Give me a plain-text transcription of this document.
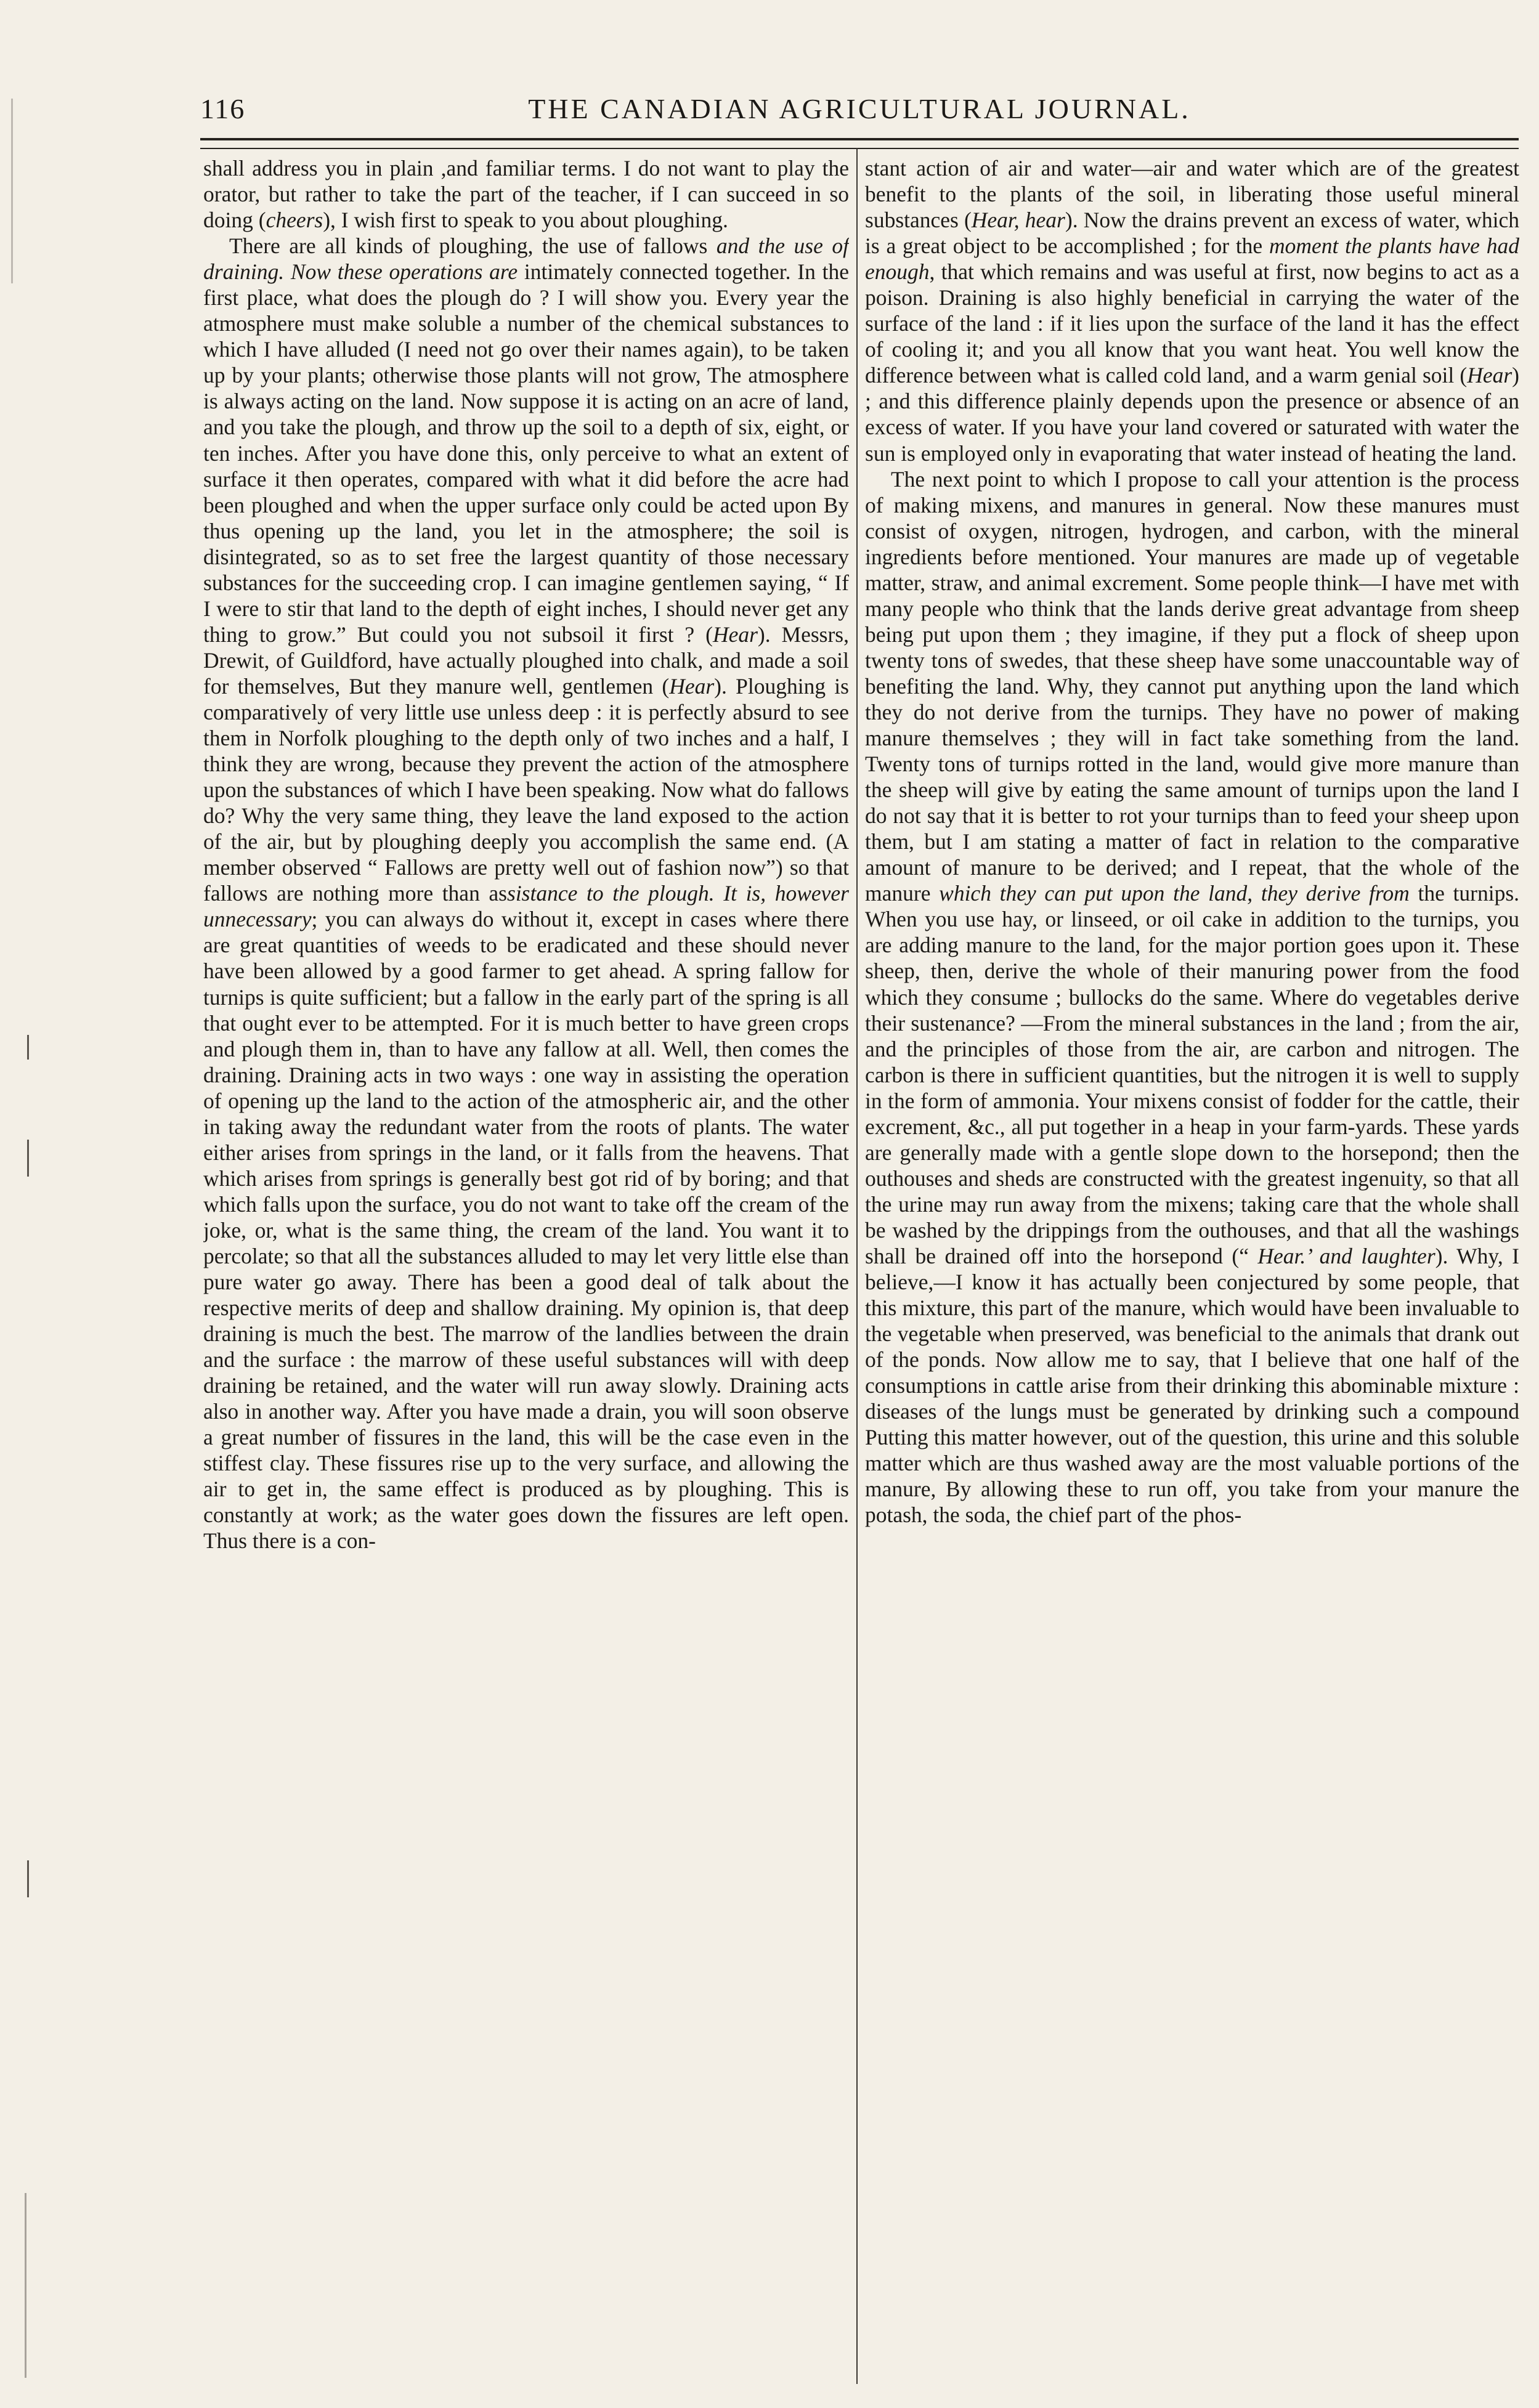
116	THE CANADIAN AGRICULTURAL JOURNAL.

shall address you in plain ,and familiar terms. I do not want to play the orator, but rather to take the part of the teacher, if I can succeed in so doing (cheers), I wish first to speak to you about ploughing.

There are all kinds of ploughing, the use of fallows and the use of draining. Now these operations are intimately connected together. In the first place, what does the plough do ? I will show you. Every year the atmosphere must make soluble a number of the chemical substances to which I have alluded (I need not go over their names again), to be taken up by your plants; otherwise those plants will not grow, The atmosphere is always acting on the land. Now suppose it is acting on an acre of land, and you take the plough, and throw up the soil to a depth of six, eight, or ten inches. After you have done this, only perceive to what an extent of surface it then operates, compared with what it did before the acre had been ploughed and when the upper surface only could be acted upon By thus opening up the land, you let in the atmosphere; the soil is disintegrated, so as to set free the largest quantity of those necessary substances for the succeeding crop. I can imagine gentlemen saying, “ If I were to stir that land to the depth of eight inches, I should never get any thing to grow.” But could you not subsoil it first ? (Hear). Messrs, Drewit, of Guildford, have actually ploughed into chalk, and made a soil for themselves, But they manure well, gentlemen (Hear). Ploughing is comparatively of very little use unless deep : it is perfectly absurd to see them in Norfolk ploughing to the depth only of two inches and a half, I think they are wrong, because they prevent the action of the atmosphere upon the substances of which I have been speaking. Now what do fallows do? Why the very same thing, they leave the land exposed to the action of the air, but by ploughing deeply you accomplish the same end. (A member observed “ Fallows are pretty well out of fashion now”) so that fallows are nothing more than assistance to the plough. It is, however unnecessary; you can always do without it, except in cases where there are great quantities of weeds to be eradicated and these should never have been allowed by a good farmer to get ahead. A spring fallow for turnips is quite sufficient; but a fallow in the early part of the spring is all that ought ever to be attempted. For it is much better to have green crops and plough them in, than to have any fallow at all. Well, then comes the draining. Draining acts in two ways : one way in assisting the operation of opening up the land to the action of the atmospheric air, and the other in taking away the redundant water from the roots of plants. The water either arises from springs in the land, or it falls from the heavens. That which arises from springs is generally best got rid of by boring; and that which falls upon the surface, you do not want to take off the cream of the joke, or, what is the same thing, the cream of the land. You want it to percolate; so that all the substances alluded to may let very little else than pure water go away. There has been a good deal of talk about the respective merits of deep and shallow draining. My opinion is, that deep draining is much the best. The marrow of the landlies between the drain and the surface : the marrow of these useful substances will with deep draining be retained, and the water will run away slowly. Draining acts also in another way. After you have made a drain, you will soon observe a great number of fissures in the land, this will be the case even in the stiffest clay. These fissures rise up to the very surface, and allowing the air to get in, the same effect is produced as by ploughing. This is constantly at work; as the water goes down the fissures are left open. Thus there is a con-

stant action of air and water—air and water which are of the greatest benefit to the plants of the soil, in liberating those useful mineral substances (Hear, hear). Now the drains prevent an excess of water, which is a great object to be accomplished ; for the moment the plants have had enough, that which remains and was useful at first, now begins to act as a poison. Draining is also highly beneficial in carrying the water of the surface of the land : if it lies upon the surface of the land it has the effect of cooling it; and you all know that you want heat. You well know the difference between what is called cold land, and a warm genial soil (Hear) ; and this difference plainly depends upon the presence or absence of an excess of water. If you have your land covered or saturated with water the sun is employed only in evaporating that water instead of heating the land.

The next point to which I propose to call your attention is the process of making mixens, and manures in general. Now these manures must consist of oxygen, nitrogen, hydrogen, and carbon, with the mineral ingredients before mentioned. Your manures are made up of vegetable matter, straw, and animal excrement. Some people think—I have met with many people who think that the lands derive great advantage from sheep being put upon them ; they imagine, if they put a flock of sheep upon twenty tons of swedes, that these sheep have some unaccountable way of benefiting the land. Why, they cannot put anything upon the land which they do not derive from the turnips. They have no power of making manure themselves ; they will in fact take something from the land. Twenty tons of turnips rotted in the land, would give more manure than the sheep will give by eating the same amount of turnips upon the land I do not say that it is better to rot your turnips than to feed your sheep upon them, but I am stating a matter of fact in relation to the comparative amount of manure to be derived; and I repeat, that the whole of the manure which they can put upon the land, they derive from the turnips. When you use hay, or linseed, or oil cake in addition to the turnips, you are adding manure to the land, for the major portion goes upon it. These sheep, then, derive the whole of their manuring power from the food which they consume ; bullocks do the same. Where do vegetables derive their sustenance? —From the mineral substances in the land ; from the air, and the principles of those from the air, are carbon and nitrogen. The carbon is there in sufficient quantities, but the nitrogen it is well to supply in the form of ammonia. Your mixens consist of fodder for the cattle, their excrement, &c., all put together in a heap in your farm-yards. These yards are generally made with a gentle slope down to the horsepond; then the outhouses and sheds are constructed with the greatest ingenuity, so that all the urine may run away from the mixens; taking care that the whole shall be washed by the drippings from the outhouses, and that all the washings shall be drained off into the horsepond (“ Hear.’ and laughter). Why, I believe,—I know it has actually been conjectured by some people, that this mixture, this part of the manure, which would have been invaluable to the vegetable when preserved, was beneficial to the animals that drank out of the ponds. Now allow me to say, that I believe that one half of the consumptions in cattle arise from their drinking this abominable mixture : diseases of the lungs must be generated by drinking such a compound Putting this matter however, out of the question, this urine and this soluble matter which are thus washed away are the most valuable portions of the manure, By allowing these to run off, you take from your manure the potash, the soda, the chief part of the phos-
